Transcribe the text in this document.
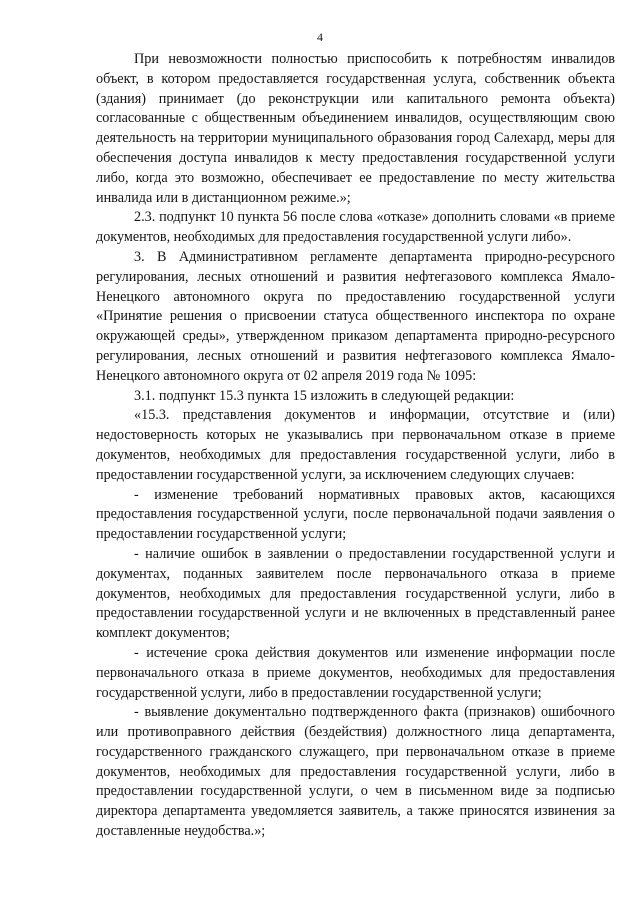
4

При невозможности полностью приспособить к потребностям инвалидов объект, в котором предоставляется государственная услуга, собственник объекта (здания) принимает (до реконструкции или капитального ремонта объекта) согласованные с общественным объединением инвалидов, осуществляющим свою деятельность на территории муниципального образования город Салехард, меры для обеспечения доступа инвалидов к месту предоставления государственной услуги либо, когда это возможно, обеспечивает ее предоставление по месту жительства инвалида или в дистанционном режиме.»;

2.3. подпункт 10 пункта 56 после слова «отказе» дополнить словами «в приеме документов, необходимых для предоставления государственной услуги либо».

3. В Административном регламенте департамента природно-ресурсного регулирования, лесных отношений и развития нефтегазового комплекса Ямало-Ненецкого автономного округа по предоставлению государственной услуги «Принятие решения о присвоении статуса общественного инспектора по охране окружающей среды», утвержденном приказом департамента природно-ресурсного регулирования, лесных отношений и развития нефтегазового комплекса Ямало-Ненецкого автономного округа от 02 апреля 2019 года № 1095:

3.1. подпункт 15.3 пункта 15 изложить в следующей редакции:

«15.3. представления документов и информации, отсутствие и (или) недостоверность которых не указывались при первоначальном отказе в приеме документов, необходимых для предоставления государственной услуги, либо в предоставлении государственной услуги, за исключением следующих случаев:

- изменение требований нормативных правовых актов, касающихся предоставления государственной услуги, после первоначальной подачи заявления о предоставлении государственной услуги;

- наличие ошибок в заявлении о предоставлении государственной услуги и документах, поданных заявителем после первоначального отказа в приеме документов, необходимых для предоставления государственной услуги, либо в предоставлении государственной услуги и не включенных в представленный ранее комплект документов;

- истечение срока действия документов или изменение информации после первоначального отказа в приеме документов, необходимых для предоставления государственной услуги, либо в предоставлении государственной услуги;

- выявление документально подтвержденного факта (признаков) ошибочного или противоправного действия (бездействия) должностного лица департамента, государственного гражданского служащего, при первоначальном отказе в приеме документов, необходимых для предоставления государственной услуги, либо в предоставлении государственной услуги, о чем в письменном виде за подписью директора департамента уведомляется заявитель, а также приносятся извинения за доставленные неудобства.»;
